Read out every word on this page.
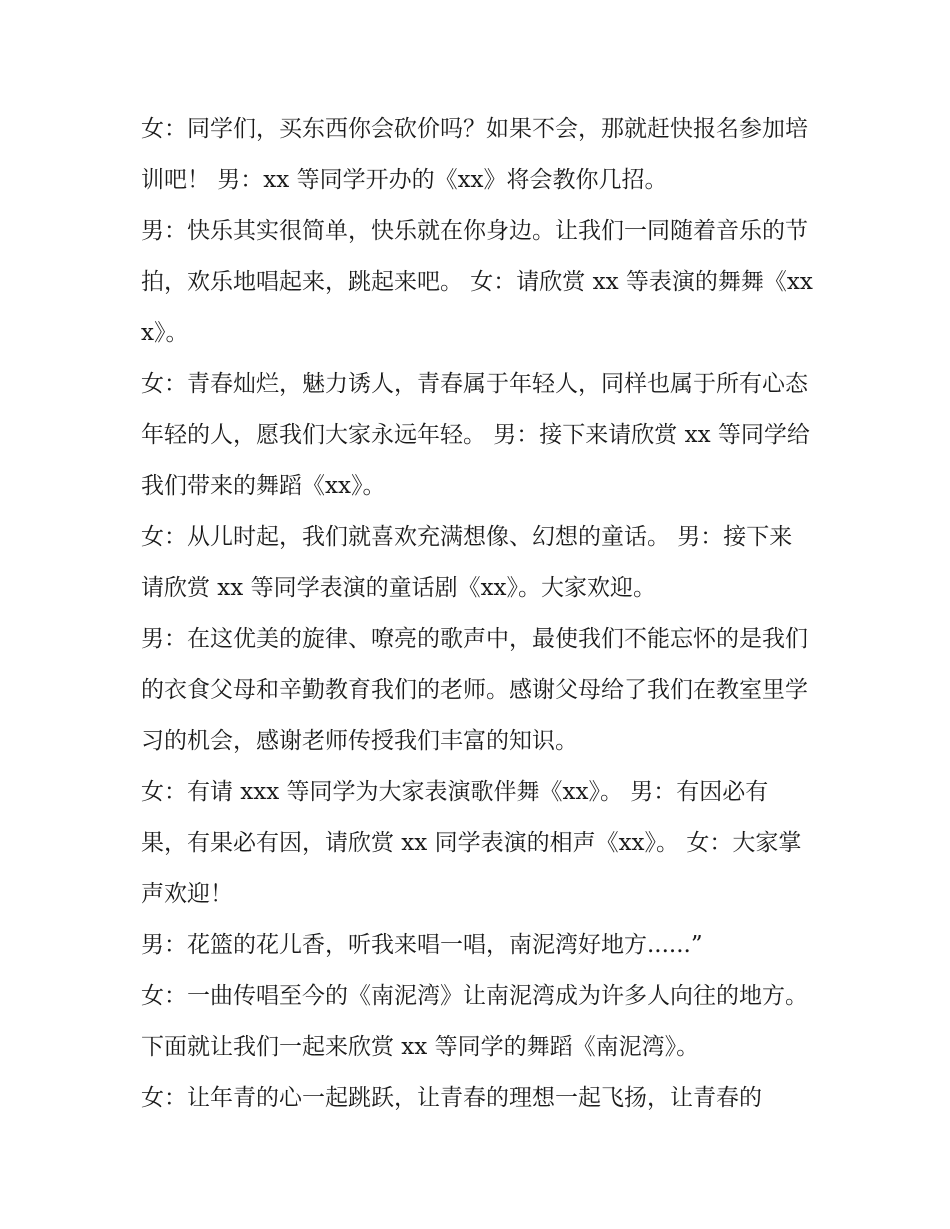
女：同学们，买东西你会砍价吗？如果不会，那就赶快报名参加培训吧！ 男：xx 等同学开办的《xx》将会教你几招。

男：快乐其实很简单，快乐就在你身边。让我们一同随着音乐的节拍，欢乐地唱起来，跳起来吧。 女：请欣赏 xx 等表演的舞舞《xxx》。

女：青春灿烂，魅力诱人，青春属于年轻人，同样也属于所有心态年轻的人，愿我们大家永远年轻。 男：接下来请欣赏 xx 等同学给我们带来的舞蹈《xx》。

女：从儿时起，我们就喜欢充满想像、幻想的童话。 男：接下来请欣赏 xx 等同学表演的童话剧《xx》。大家欢迎。

男：在这优美的旋律、嘹亮的歌声中，最使我们不能忘怀的是我们的衣食父母和辛勤教育我们的老师。感谢父母给了我们在教室里学习的机会，感谢老师传授我们丰富的知识。

女：有请 xxx 等同学为大家表演歌伴舞《xx》。 男：有因必有果，有果必有因，请欣赏 xx 同学表演的相声《xx》。 女：大家掌声欢迎！

男：花篮的花儿香，听我来唱一唱，南泥湾好地方......”

女：一曲传唱至今的《南泥湾》让南泥湾成为许多人向往的地方。下面就让我们一起来欣赏 xx 等同学的舞蹈《南泥湾》。

女：让年青的心一起跳跃，让青春的理想一起飞扬，让青春的
